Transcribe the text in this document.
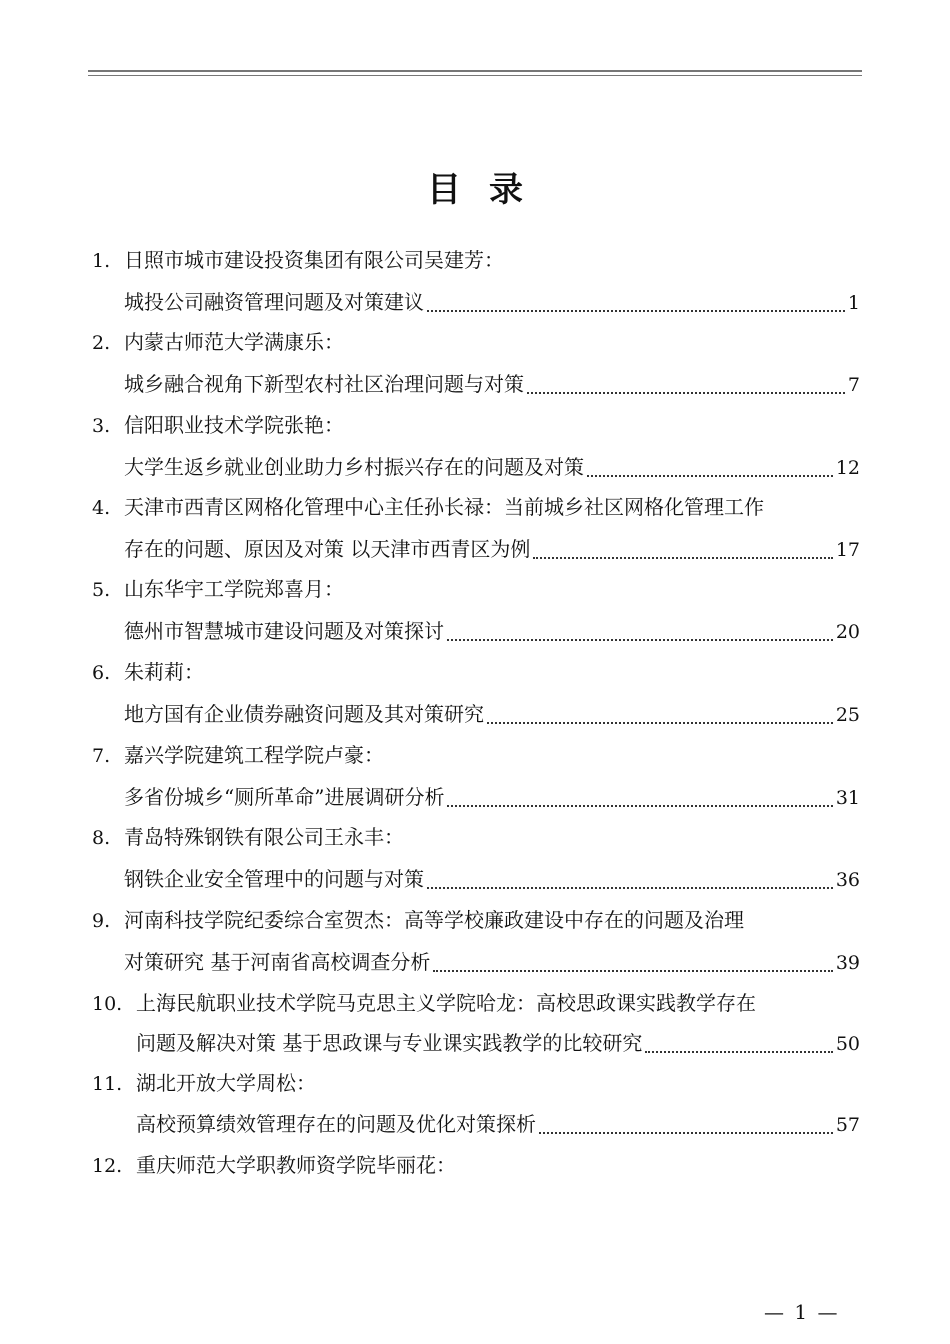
目录
1. 日照市城市建设投资集团有限公司吴建芳：
城投公司融资管理问题及对策建议	1
2. 内蒙古师范大学满康乐：
城乡融合视角下新型农村社区治理问题与对策	7
3. 信阳职业技术学院张艳：
大学生返乡就业创业助力乡村振兴存在的问题及对策	12
4. 天津市西青区网格化管理中心主任孙长禄：当前城乡社区网格化管理工作
存在的问题、原因及对策 以天津市西青区为例	17
5. 山东华宇工学院郑喜月：
德州市智慧城市建设问题及对策探讨	20
6. 朱莉莉：
地方国有企业债券融资问题及其对策研究	25
7. 嘉兴学院建筑工程学院卢豪：
多省份城乡“厕所革命”进展调研分析	31
8. 青岛特殊钢铁有限公司王永丰：
钢铁企业安全管理中的问题与对策	36
9. 河南科技学院纪委综合室贺杰：高等学校廉政建设中存在的问题及治理
对策研究 基于河南省高校调查分析	39
10. 上海民航职业技术学院马克思主义学院哈龙：高校思政课实践教学存在
问题及解决对策 基于思政课与专业课实践教学的比较研究	50
11. 湖北开放大学周松：
高校预算绩效管理存在的问题及优化对策探析	57
12. 重庆师范大学职教师资学院毕丽花：
— 1 —
